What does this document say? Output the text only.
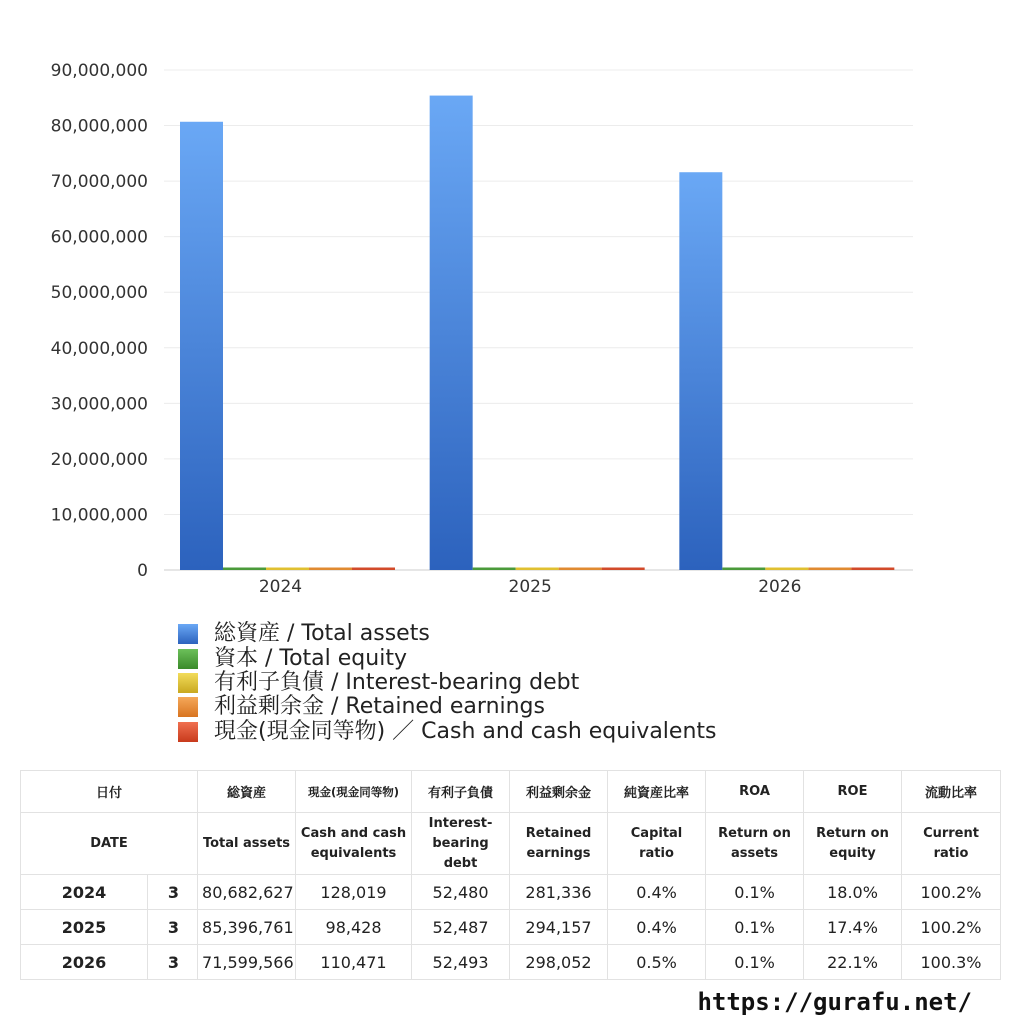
0
10,000,000
20,000,000
30,000,000
40,000,000
50,000,000
60,000,000
70,000,000
80,000,000
90,000,000
2024	2025	2026
総資産 / Total assets
資本 / Total equity
有利子負債 / Interest-bearing debt
利益剰余金 / Retained earnings
現金(現金同等物) ／ Cash and cash equivalents
日付		総資産	現金(現金同等物)	有利子負債	利益剰余金	純資産比率	ROA	ROE	流動比率
DATE		Total assets	Cash and cash equivalents	Interest-bearing debt	Retained earnings	Capital ratio	Return on assets	Return on equity	Current ratio
2024	3	80,682,627	128,019	52,480	281,336	0.4%	0.1%	18.0%	100.2%
2025	3	85,396,761	98,428	52,487	294,157	0.4%	0.1%	17.4%	100.2%
2026	3	71,599,566	110,471	52,493	298,052	0.5%	0.1%	22.1%	100.3%
https://gurafu.net/
